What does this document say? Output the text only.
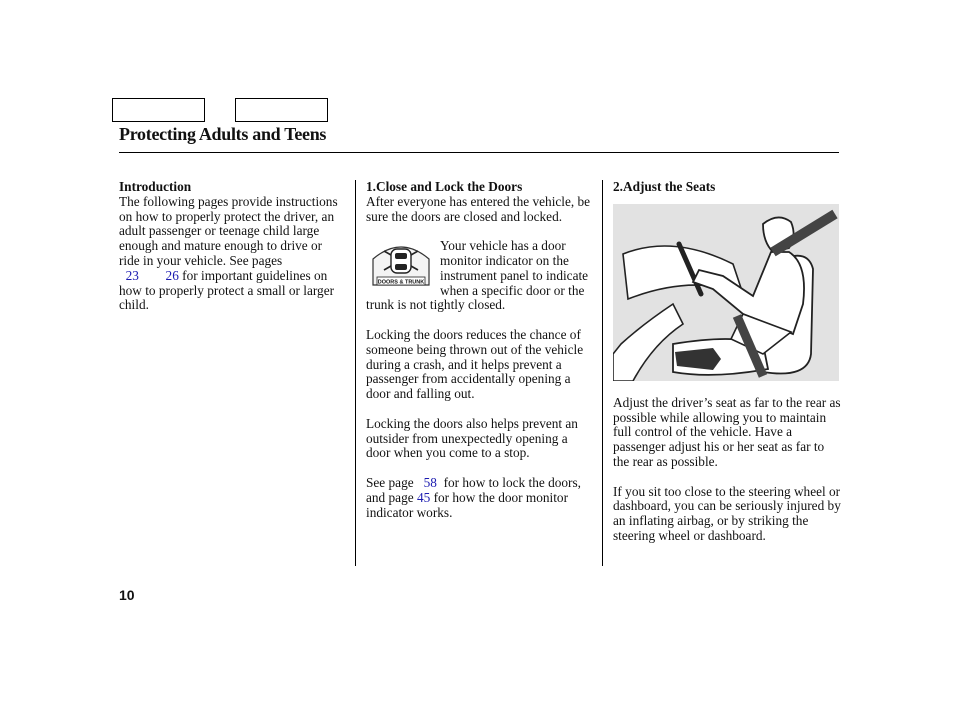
Protecting Adults and Teens
Introduction

The following pages provide instructions on how to properly protect the driver, an adult passenger or teenage child large enough and mature enough to drive or ride in your vehicle. See pages
23 26 for important guidelines on how to properly protect a small or larger child.

1.Close and Lock the Doors

After everyone has entered the vehicle, be sure the doors are closed and locked.

DOORS & TRUNK
Your vehicle has a door monitor indicator on the instrument panel to indicate when a specific door or the trunk is not tightly closed.

Locking the doors reduces the chance of someone being thrown out of the vehicle during a crash, and it helps prevent a passenger from accidentally opening a door and falling out.

Locking the doors also helps prevent an outsider from unexpectedly opening a door when you come to a stop.

See page 58 for how to lock the doors, and page 45 for how the door monitor indicator works.

2.Adjust the Seats

Adjust the driver’s seat as far to the rear as possible while allowing you to maintain full control of the vehicle. Have a passenger adjust his or her seat as far to the rear as possible.

If you sit too close to the steering wheel or dashboard, you can be seriously injured by an inflating airbag, or by striking the steering wheel or dashboard.

10
